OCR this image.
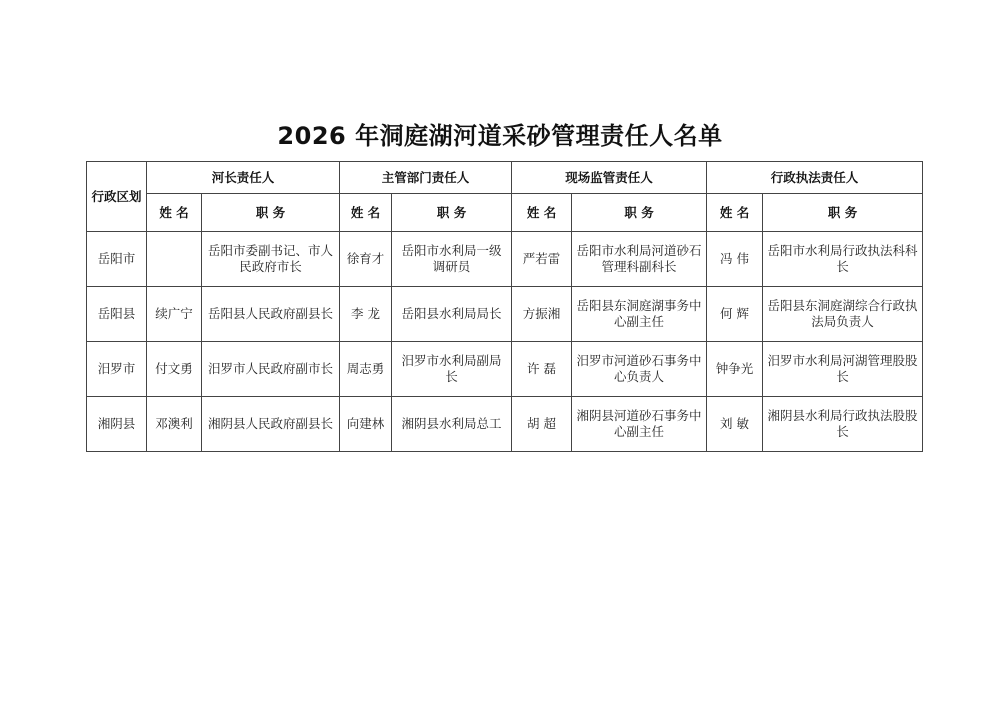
2026 年洞庭湖河道采砂管理责任人名单
行政区划	河长责任人		主管部门责任人		现场监管责任人		行政执法责任人	
	姓 名	职 务	姓 名	职 务	姓 名	职 务	姓 名	职 务
岳阳市		岳阳市委副书记、市人民政府市长	徐育才	岳阳市水利局一级调研员	严若雷	岳阳市水利局河道砂石管理科副科长	冯 伟	岳阳市水利局行政执法科科长
岳阳县	续广宁	岳阳县人民政府副县长	李 龙	岳阳县水利局局长	方振湘	岳阳县东洞庭湖事务中心副主任	何 辉	岳阳县东洞庭湖综合行政执法局负责人
汨罗市	付文勇	汨罗市人民政府副市长	周志勇	汨罗市水利局副局长	许 磊	汨罗市河道砂石事务中心负责人	钟争光	汨罗市水利局河湖管理股股长
湘阴县	邓澳利	湘阴县人民政府副县长	向建林	湘阴县水利局总工	胡 超	湘阴县河道砂石事务中心副主任	刘 敏	湘阴县水利局行政执法股股长
